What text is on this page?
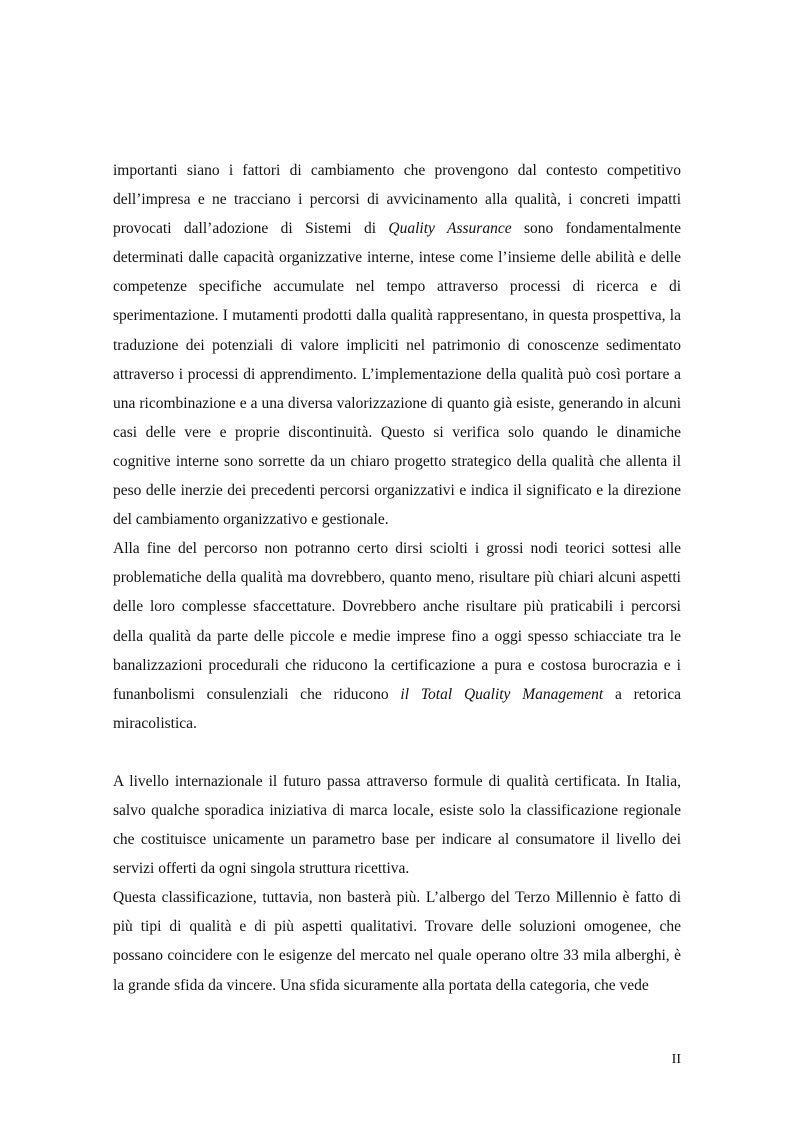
importanti siano i fattori di cambiamento che provengono dal contesto competitivo dell’impresa e ne tracciano i percorsi di avvicinamento alla qualità, i concreti impatti provocati dall’adozione di Sistemi di Quality Assurance sono fondamentalmente determinati dalle capacità organizzative interne, intese come l’insieme delle abilità e delle competenze specifiche accumulate nel tempo attraverso processi di ricerca e di sperimentazione. I mutamenti prodotti dalla qualità rappresentano, in questa prospettiva, la traduzione dei potenziali di valore impliciti nel patrimonio di conoscenze sedimentato attraverso i processi di apprendimento. L’implementazione della qualità può così portare a una ricombinazione e a una diversa valorizzazione di quanto già esiste, generando in alcuni casi delle vere e proprie discontinuità. Questo si verifica solo quando le dinamiche cognitive interne sono sorrette da un chiaro progetto strategico della qualità che allenta il peso delle inerzie dei precedenti percorsi organizzativi e indica il significato e la direzione del cambiamento organizzativo e gestionale.

Alla fine del percorso non potranno certo dirsi sciolti i grossi nodi teorici sottesi alle problematiche della qualità ma dovrebbero, quanto meno, risultare più chiari alcuni aspetti delle loro complesse sfaccettature. Dovrebbero anche risultare più praticabili i percorsi della qualità da parte delle piccole e medie imprese fino a oggi spesso schiacciate tra le banalizzazioni procedurali che riducono la certificazione a pura e costosa burocrazia e i funanbolismi consulenziali che riducono il Total Quality Management a retorica miracolistica.

A livello internazionale il futuro passa attraverso formule di qualità certificata. In Italia, salvo qualche sporadica iniziativa di marca locale, esiste solo la classificazione regionale che costituisce unicamente un parametro base per indicare al consumatore il livello dei servizi offerti da ogni singola struttura ricettiva.

Questa classificazione, tuttavia, non basterà più. L’albergo del Terzo Millennio è fatto di più tipi di qualità e di più aspetti qualitativi. Trovare delle soluzioni omogenee, che possano coincidere con le esigenze del mercato nel quale operano oltre 33 mila alberghi, è la grande sfida da vincere. Una sfida sicuramente alla portata della categoria, che vede

II
